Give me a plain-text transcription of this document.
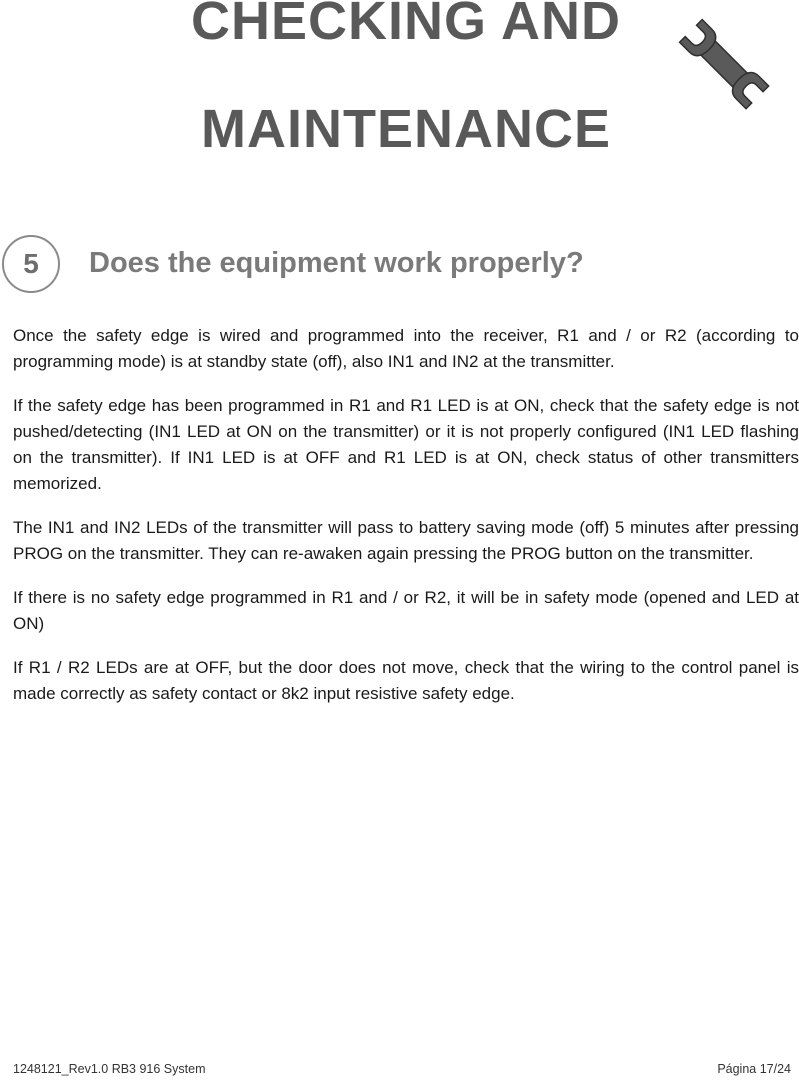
CHECKING AND
MAINTENANCE
5	Does the equipment work properly?

Once the safety edge is wired and programmed into the receiver, R1 and / or R2 (according to programming mode) is at standby state (off), also IN1 and IN2 at the transmitter.

If the safety edge has been programmed in R1 and R1 LED is at ON, check that the safety edge is not pushed/detecting (IN1 LED at ON on the transmitter) or it is not properly configured (IN1 LED flashing on the transmitter). If IN1 LED is at OFF and R1 LED is at ON, check status of other transmitters memorized.

The IN1 and IN2 LEDs of the transmitter will pass to battery saving mode (off) 5 minutes after pressing PROG on the transmitter. They can re-awaken again pressing the PROG button on the transmitter.

If there is no safety edge programmed in R1 and / or R2, it will be in safety mode (opened and LED at ON)

If R1 / R2 LEDs are at OFF, but the door does not move, check that the wiring to the control panel is made correctly as safety contact or 8k2 input resistive safety edge.

1248121_Rev1.0 RB3 916 System	Página 17/24
